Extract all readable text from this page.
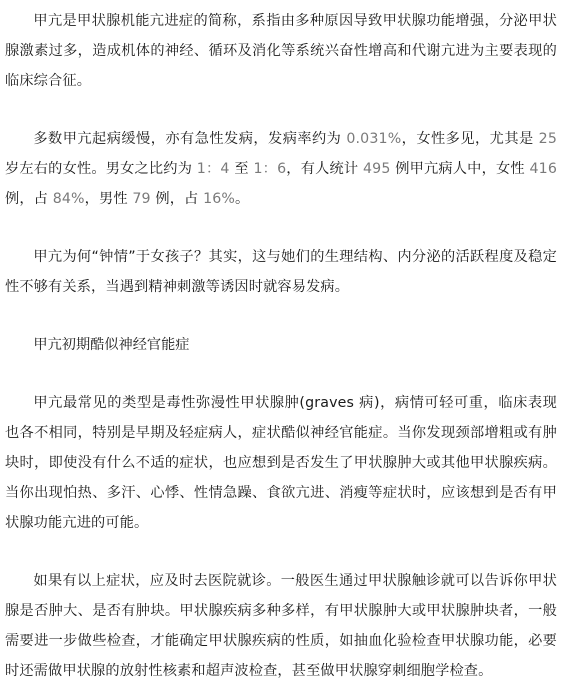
甲亢是甲状腺机能亢进症的简称，系指由多种原因导致甲状腺功能增强，分泌甲状腺激素过多，造成机体的神经、循环及消化等系统兴奋性增高和代谢亢进为主要表现的临床综合征。

多数甲亢起病缓慢，亦有急性发病，发病率约为 0.031%，女性多见，尤其是 25 岁左右的女性。男女之比约为 1：4 至 1：6，有人统计 495 例甲亢病人中，女性 416 例，占 84%，男性 79 例，占 16%。

甲亢为何“钟情”于女孩子？其实，这与她们的生理结构、内分泌的活跃程度及稳定性不够有关系，当遇到精神刺激等诱因时就容易发病。

甲亢初期酷似神经官能症

甲亢最常见的类型是毒性弥漫性甲状腺肿(graves 病)，病情可轻可重，临床表现也各不相同，特别是早期及轻症病人，症状酷似神经官能症。当你发现颈部增粗或有肿块时，即使没有什么不适的症状，也应想到是否发生了甲状腺肿大或其他甲状腺疾病。当你出现怕热、多汗、心悸、性情急躁、食欲亢进、消瘦等症状时，应该想到是否有甲状腺功能亢进的可能。

如果有以上症状，应及时去医院就诊。一般医生通过甲状腺触诊就可以告诉你甲状腺是否肿大、是否有肿块。甲状腺疾病多种多样，有甲状腺肿大或甲状腺肿块者，一般需要进一步做些检查，才能确定甲状腺疾病的性质，如抽血化验检查甲状腺功能，必要时还需做甲状腺的放射性核素和超声波检查，甚至做甲状腺穿刺细胞学检查。
